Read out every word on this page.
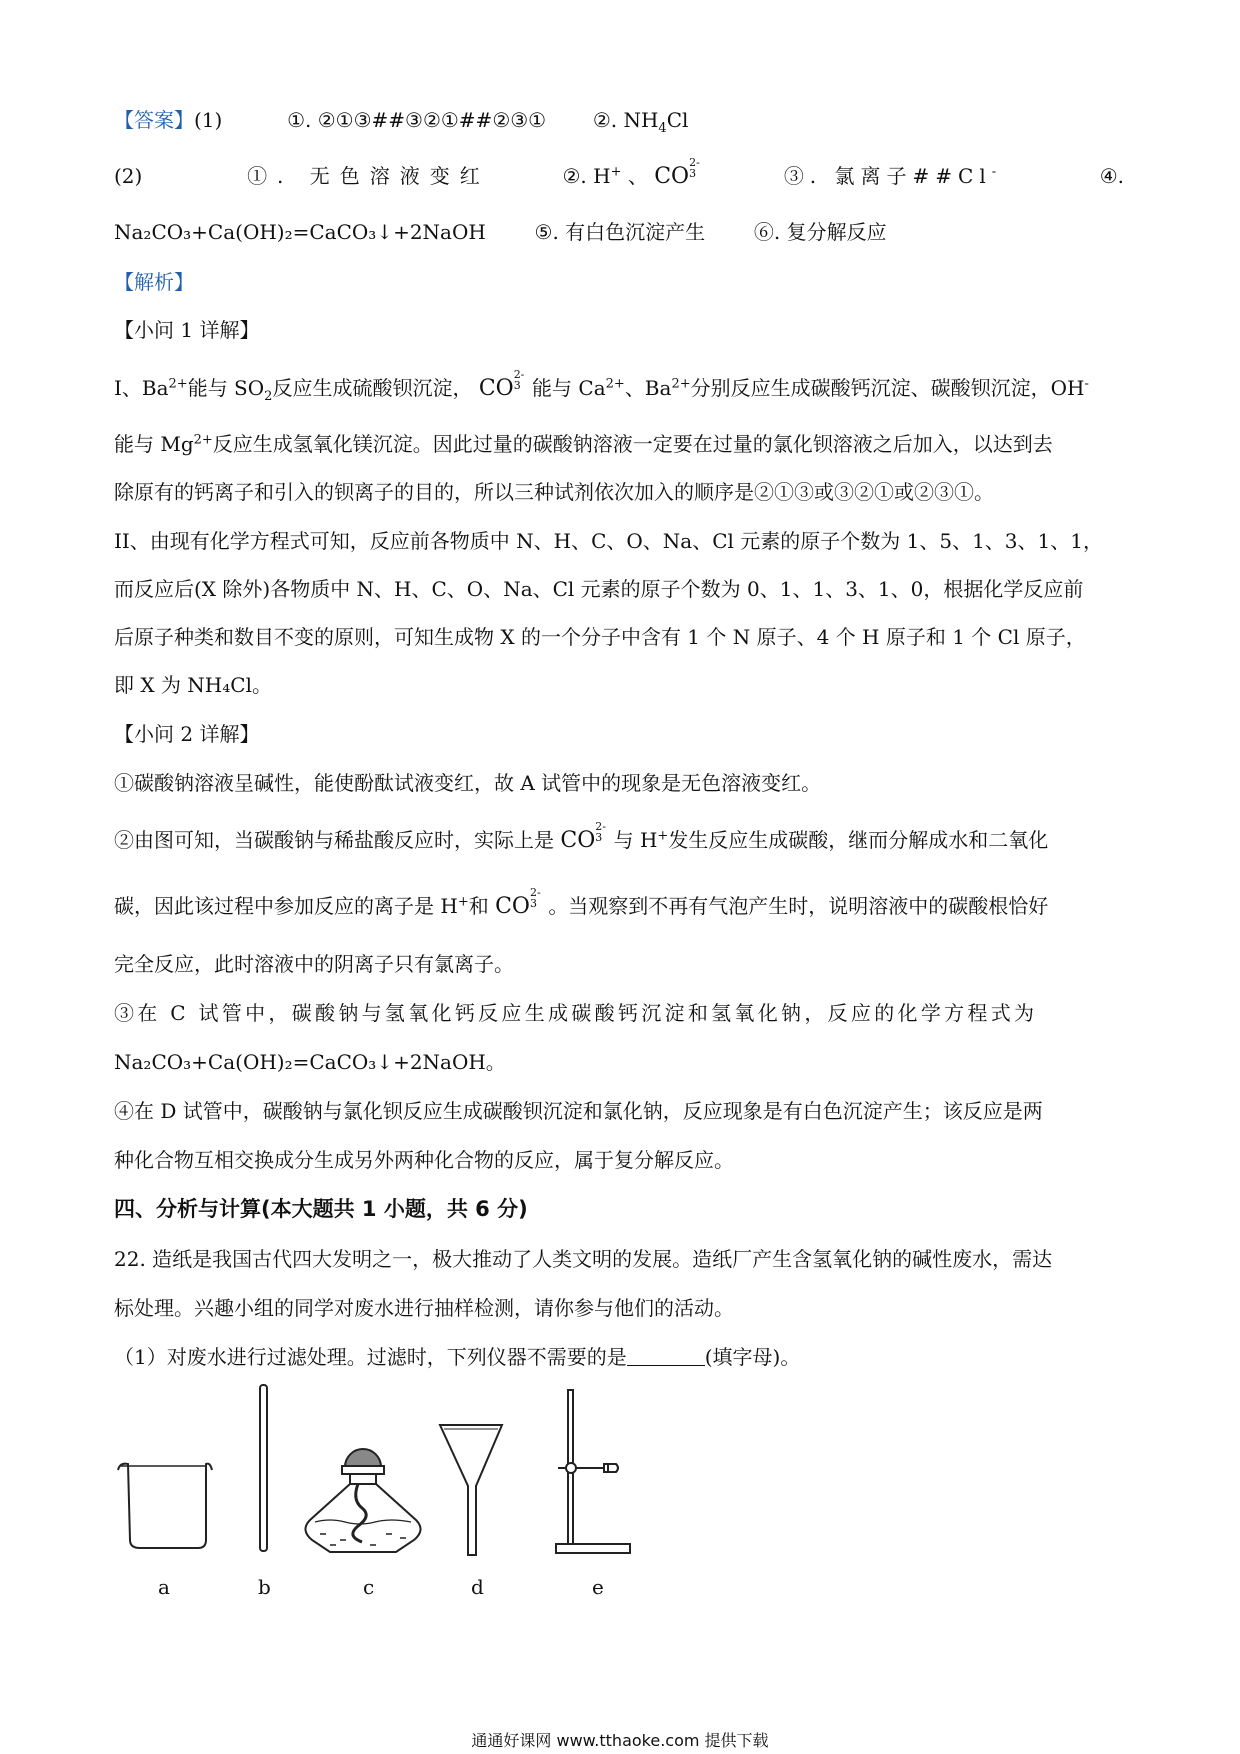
【答案】(1)	①. ②①③##③②①##②③① ②. $NH_4Cl$
(2)	①. 无色溶液变红	②. H+ 、 CO
2-
3	③. 氯离子##Cl-	④.
Na₂CO₃+Ca(OH)₂=CaCO₃↓+2NaOH ⑤. 有白色沉淀产生 ⑥. 复分解反应
【解析】
【小问 1 详解】
I、$Ba^{2+}$能与 $SO_2$反应生成硫酸钡沉淀， CO
2-
3 能与 $Ca^{2+}$、$Ba^{2+}$分别反应生成碳酸钙沉淀、碳酸钡沉淀，OH-
能与 $Mg^{2+}$反应生成氢氧化镁沉淀。因此过量的碳酸钠溶液一定要在过量的氯化钡溶液之后加入，以达到去
除原有的钙离子和引入的钡离子的目的，所以三种试剂依次加入的顺序是②①③或③②①或②③①。
II、由现有化学方程式可知，反应前各物质中 N、H、C、O、Na、Cl 元素的原子个数为 1、5、1、3、1、1，
而反应后(X 除外)各物质中 N、H、C、O、Na、Cl 元素的原子个数为 0、1、1、3、1、0，根据化学反应前
后原子种类和数目不变的原则，可知生成物 X 的一个分子中含有 1 个 N 原子、4 个 H 原子和 1 个 Cl 原子，
即 X 为 NH₄Cl。
【小问 2 详解】
①碳酸钠溶液呈碱性，能使酚酞试液变红，故 A 试管中的现象是无色溶液变红。
②由图可知，当碳酸钠与稀盐酸反应时，实际上是 CO
2-
3 与 H+发生反应生成碳酸，继而分解成水和二氧化
碳，因此该过程中参加反应的离子是 H+和 CO
2-
3 。当观察到不再有气泡产生时，说明溶液中的碳酸根恰好
完全反应，此时溶液中的阴离子只有氯离子。
③在 C 试管中，碳酸钠与氢氧化钙反应生成碳酸钙沉淀和氢氧化钠，反应的化学方程式为
Na₂CO₃+Ca(OH)₂=CaCO₃↓+2NaOH。
④在 D 试管中，碳酸钠与氯化钡反应生成碳酸钡沉淀和氯化钠，反应现象是有白色沉淀产生；该反应是两
种化合物互相交换成分生成另外两种化合物的反应，属于复分解反应。
四、分析与计算(本大题共 1 小题，共 6 分)
22. 造纸是我国古代四大发明之一，极大推动了人类文明的发展。造纸厂产生含氢氧化钠的碱性废水，需达
标处理。兴趣小组的同学对废水进行抽样检测，请你参与他们的活动。
（1）对废水进行过滤处理。过滤时，下列仪器不需要的是	(填字母)。
a	b	c	d	e
通通好课网 www.tthaoke.com 提供下载
